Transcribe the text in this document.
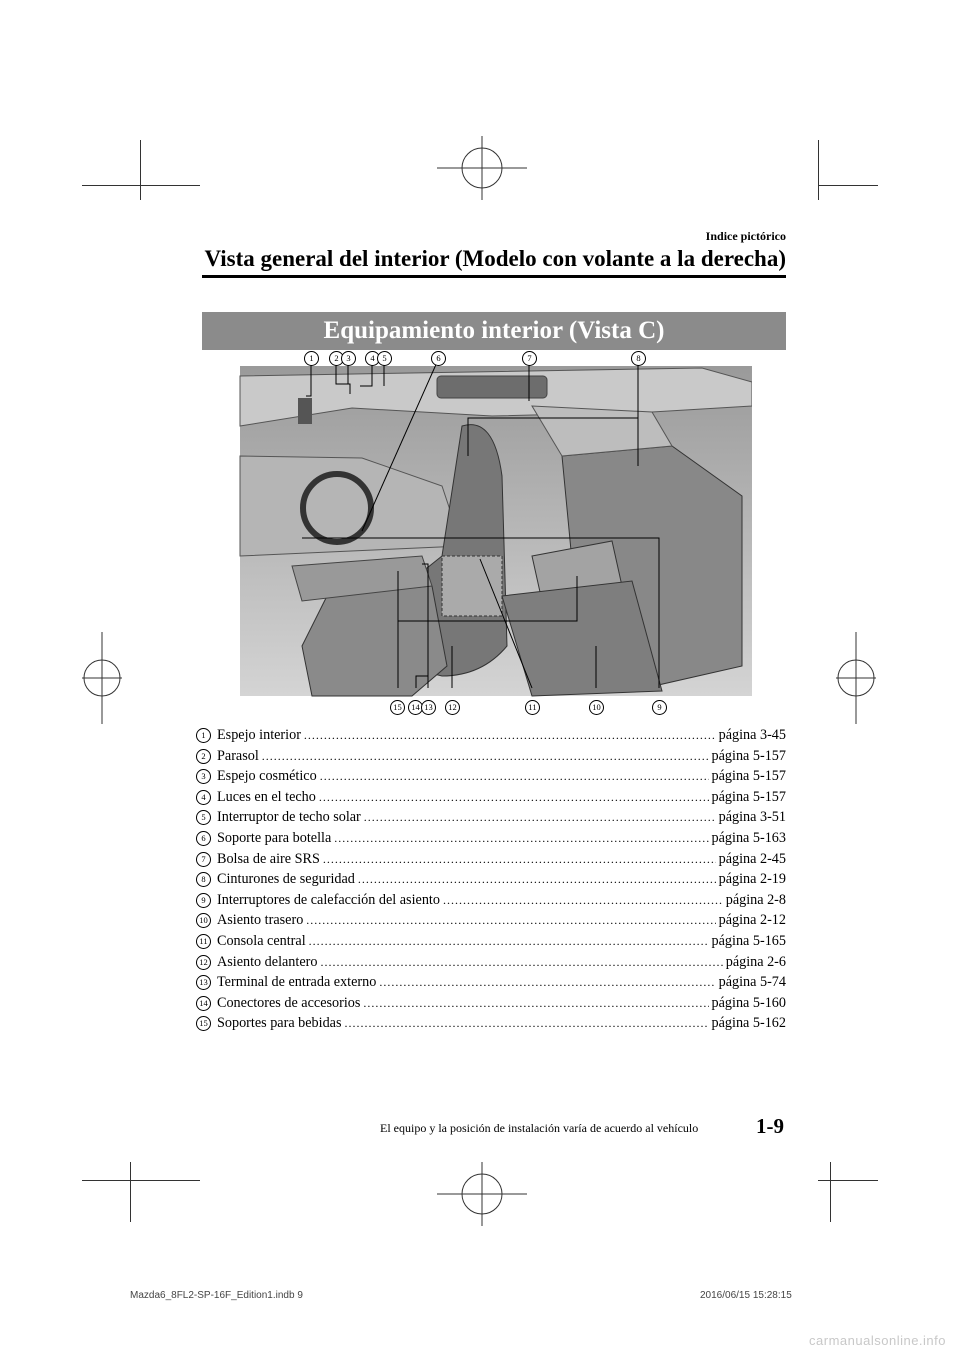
Indice pictórico
Vista general del interior (Modelo con volante a la derecha)
Equipamiento interior (Vista C)
1	2 3	4 5	6	7	8
15	14 13	12	11	10	9
1 Espejo interior .....	página 3-45
2 Parasol .....	página 5-157
3 Espejo cosmético .....	página 5-157
4 Luces en el techo .....	página 5-157
5 Interruptor de techo solar .....	página 3-51
6 Soporte para botella .....	página 5-163
7 Bolsa de aire SRS .....	página 2-45
8 Cinturones de seguridad .....	página 2-19
9 Interruptores de calefacción del asiento .....	página 2-8
10 Asiento trasero .....	página 2-12
11 Consola central .....	página 5-165
12 Asiento delantero .....	página 2-6
13 Terminal de entrada externo .....	página 5-74
14 Conectores de accesorios .....	página 5-160
15 Soportes para bebidas .....	página 5-162
El equipo y la posición de instalación varía de acuerdo al vehículo	1-9
Mazda6_8FL2-SP-16F_Edition1.indb 9	2016/06/15 15:28:15
carmanualsonline.info
